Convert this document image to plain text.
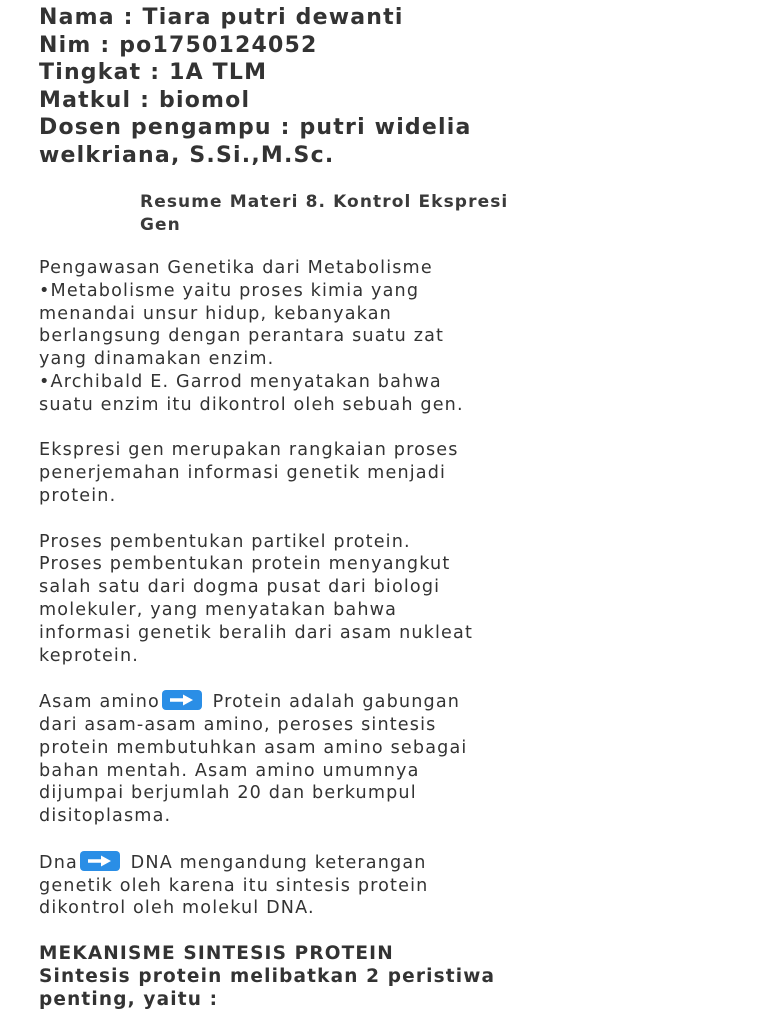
Nama : Tiara putri dewanti

Nim : po1750124052

Tingkat : 1A TLM

Matkul : biomol

Dosen pengampu : putri widelia

welkriana, S.Si.,M.Sc.

Resume Materi 8. Kontrol Ekspresi
Gen

Pengawasan Genetika dari Metabolisme

•Metabolisme yaitu proses kimia yang

menandai unsur hidup, kebanyakan

berlangsung dengan perantara suatu zat

yang dinamakan enzim.

•Archibald E. Garrod menyatakan bahwa

suatu enzim itu dikontrol oleh sebuah gen.

Ekspresi gen merupakan rangkaian proses

penerjemahan informasi genetik menjadi

protein.

Proses pembentukan partikel protein.

Proses pembentukan protein menyangkut

salah satu dari dogma pusat dari biologi

molekuler, yang menyatakan bahwa

informasi genetik beralih dari asam nukleat

keprotein.

Asam amino	Protein adalah gabungan

dari asam-asam amino, peroses sintesis

protein membutuhkan asam amino sebagai

bahan mentah. Asam amino umumnya

dijumpai berjumlah 20 dan berkumpul

disitoplasma.

Dna	DNA mengandung keterangan

genetik oleh karena itu sintesis protein

dikontrol oleh molekul DNA.

MEKANISME SINTESIS PROTEIN
Sintesis protein melibatkan 2 peristiwa
penting, yaitu :
